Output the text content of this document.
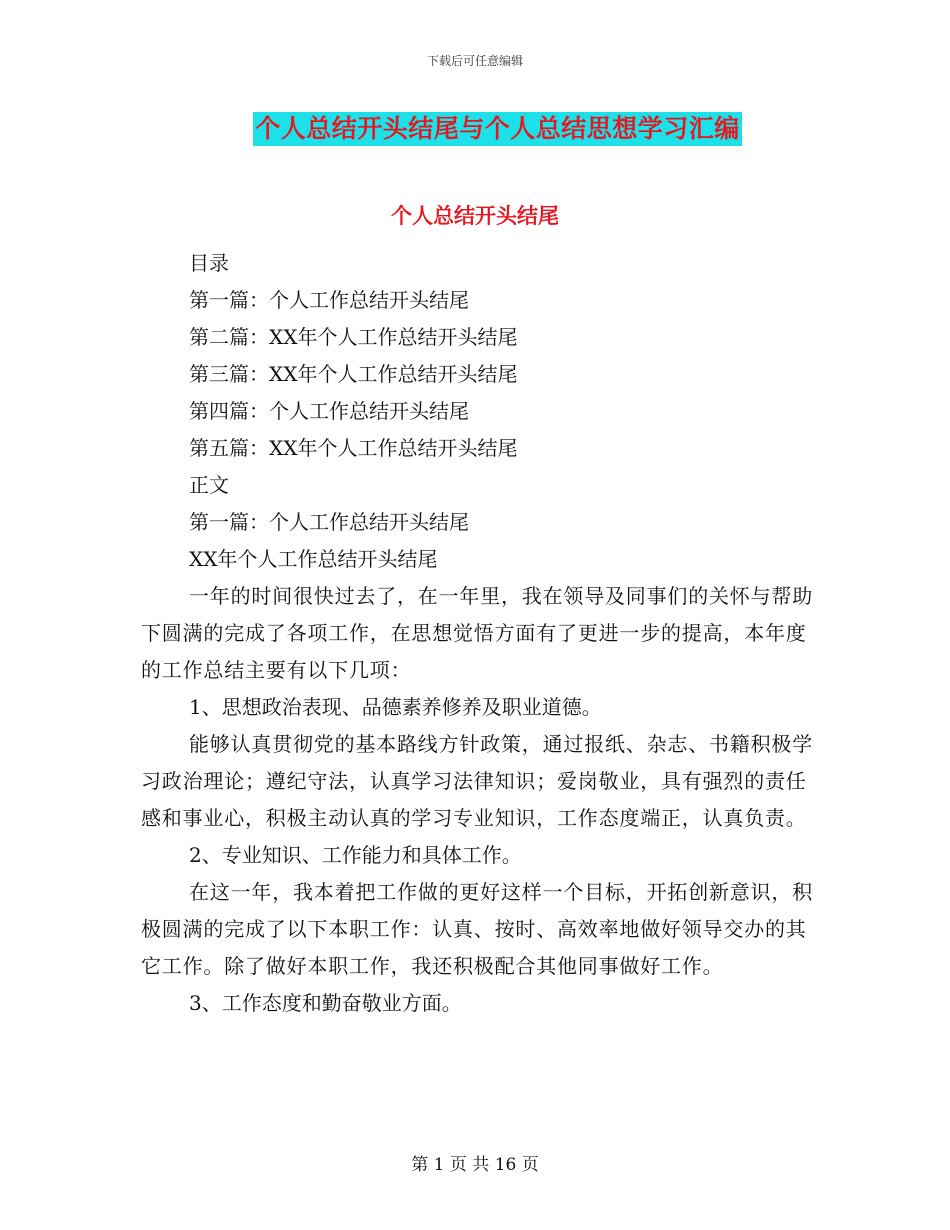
下载后可任意编辑
个人总结开头结尾与个人总结思想学习汇编
个人总结开头结尾

目录

第一篇：个人工作总结开头结尾

第二篇：XX年个人工作总结开头结尾

第三篇：XX年个人工作总结开头结尾

第四篇：个人工作总结开头结尾

第五篇：XX年个人工作总结开头结尾

正文

第一篇：个人工作总结开头结尾

XX年个人工作总结开头结尾

一年的时间很快过去了，在一年里，我在领导及同事们的关怀与帮助下圆满的完成了各项工作，在思想觉悟方面有了更进一步的提高，本年度的工作总结主要有以下几项：

1、思想政治表现、品德素养修养及职业道德。

能够认真贯彻党的基本路线方针政策，通过报纸、杂志、书籍积极学习政治理论；遵纪守法，认真学习法律知识；爱岗敬业，具有强烈的责任感和事业心，积极主动认真的学习专业知识，工作态度端正，认真负责。

2、专业知识、工作能力和具体工作。

在这一年，我本着把工作做的更好这样一个目标，开拓创新意识，积极圆满的完成了以下本职工作：认真、按时、高效率地做好领导交办的其它工作。除了做好本职工作，我还积极配合其他同事做好工作。

3、工作态度和勤奋敬业方面。

第 1 页 共 16 页
